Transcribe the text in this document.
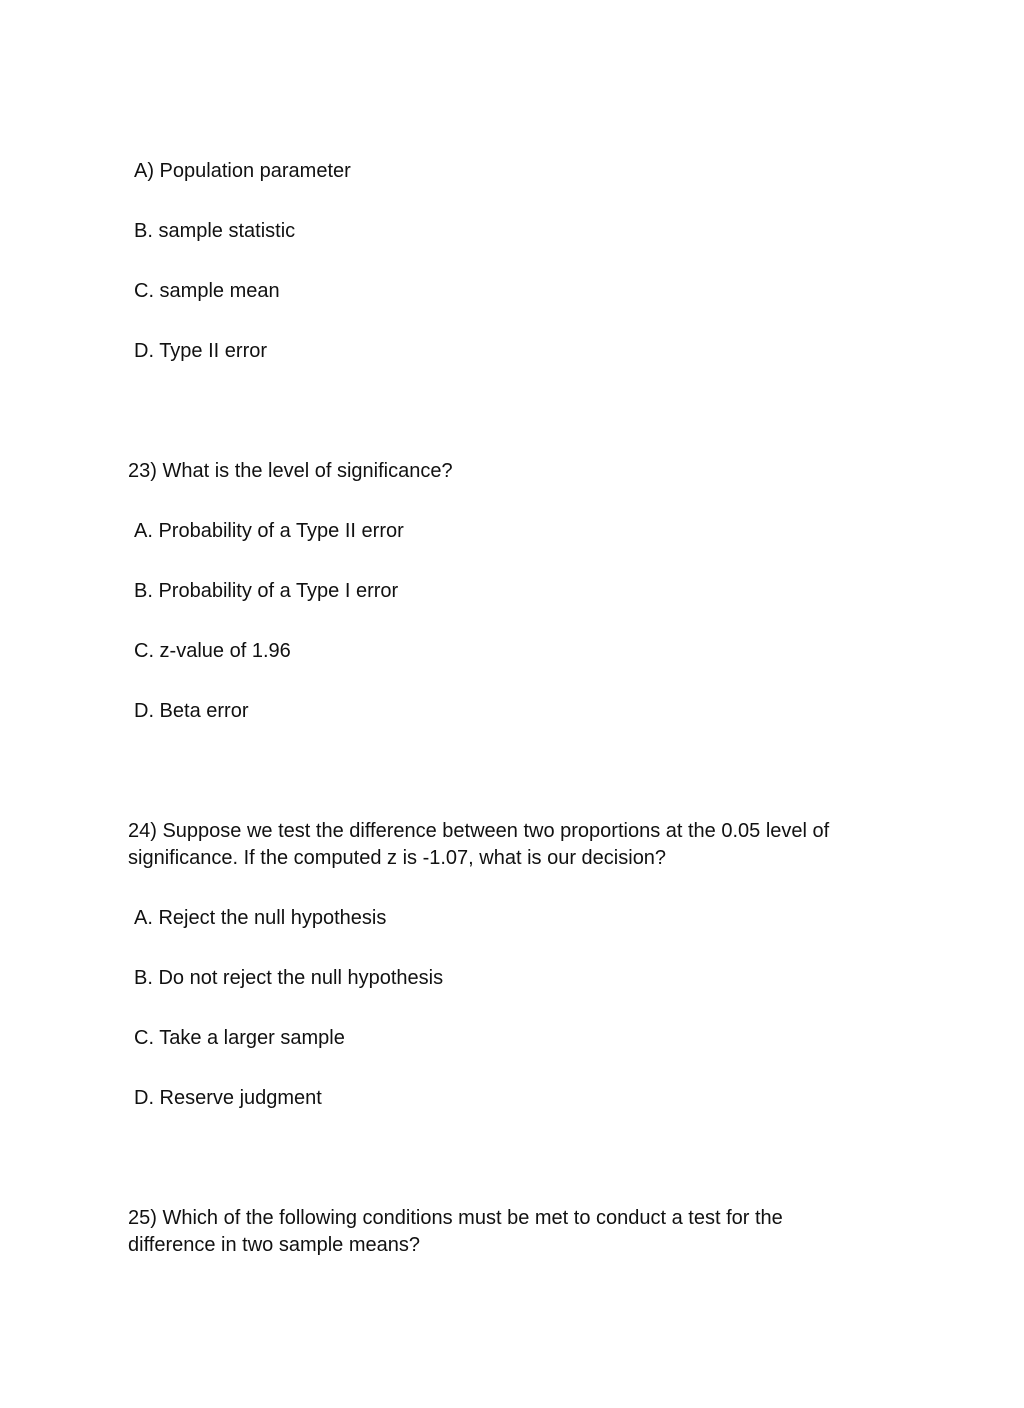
A) Population parameter
B. sample statistic
C. sample mean
D. Type II error
23) What is the level of significance?
A. Probability of a Type II error
B. Probability of a Type I error
C. z-value of 1.96
D. Beta error
24) Suppose we test the difference between two proportions at the 0.05 level of
significance. If the computed z is -1.07, what is our decision?
A. Reject the null hypothesis
B. Do not reject the null hypothesis
C. Take a larger sample
D. Reserve judgment
25) Which of the following conditions must be met to conduct a test for the
difference in two sample means?
